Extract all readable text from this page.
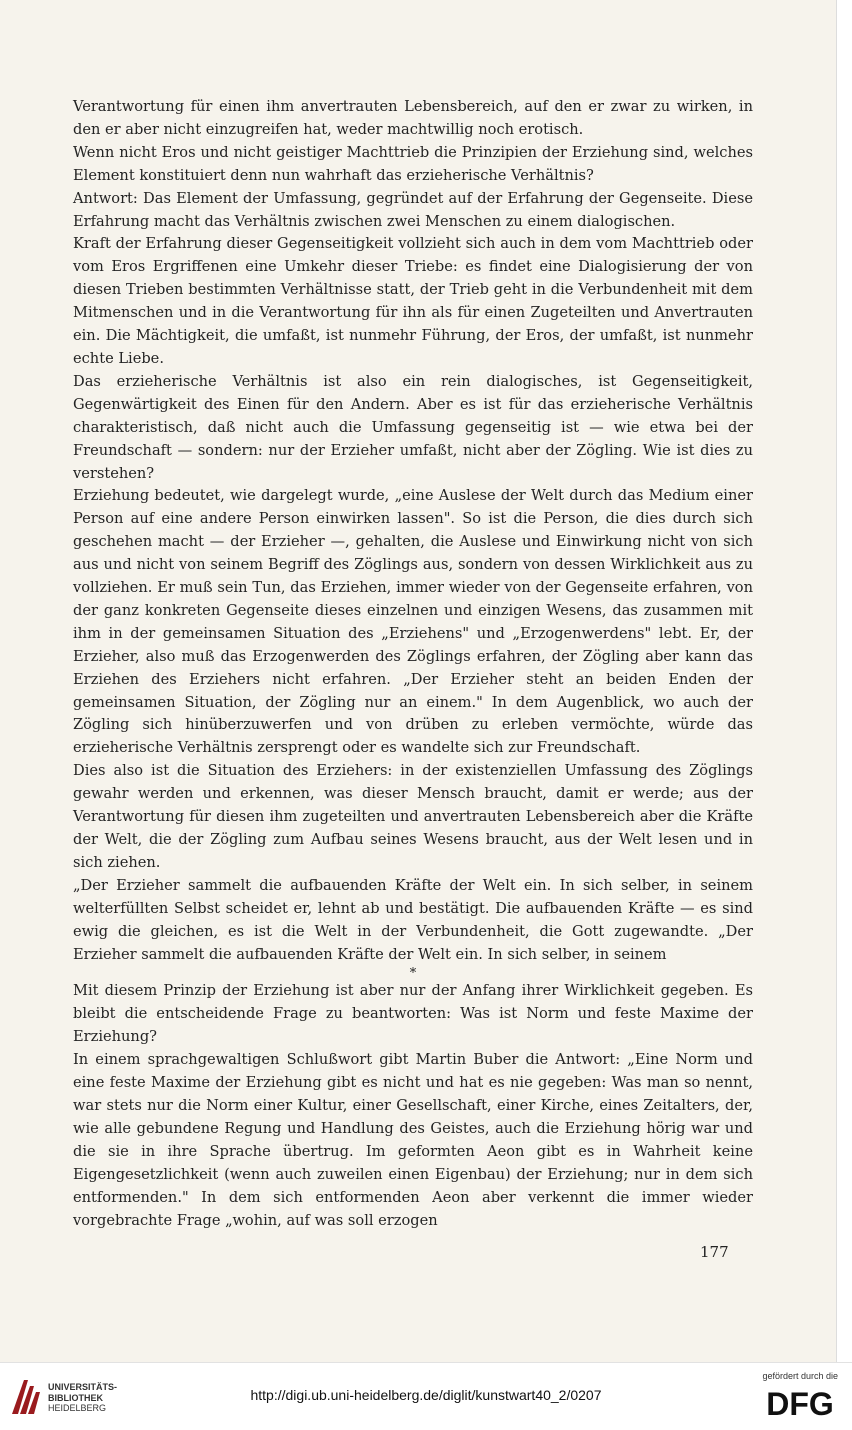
Verantwortung für einen ihm anvertrauten Lebensbereich, auf den er zwar zu wirken, in den er aber nicht einzugreifen hat, weder machtwillig noch erotisch.

Wenn nicht Eros und nicht geistiger Machttrieb die Prinzipien der Erziehung sind, welches Element konstituiert denn nun wahrhaft das erzieherische Verhältnis?

Antwort: Das Element der Umfassung, gegründet auf der Erfahrung der Gegenseite. Diese Erfahrung macht das Verhältnis zwischen zwei Menschen zu einem dialogischen.

Kraft der Erfahrung dieser Gegenseitigkeit vollzieht sich auch in dem vom Machttrieb oder vom Eros Ergriffenen eine Umkehr dieser Triebe: es findet eine Dialogisierung der von diesen Trieben bestimmten Verhältnisse statt, der Trieb geht in die Verbundenheit mit dem Mitmenschen und in die Verantwortung für ihn als für einen Zugeteilten und Anvertrauten ein. Die Mächtigkeit, die umfaßt, ist nunmehr Führung, der Eros, der umfaßt, ist nunmehr echte Liebe.

Das erzieherische Verhältnis ist also ein rein dialogisches, ist Gegenseitigkeit, Gegenwärtigkeit des Einen für den Andern. Aber es ist für das erzieherische Verhältnis charakteristisch, daß nicht auch die Umfassung gegenseitig ist — wie etwa bei der Freundschaft — sondern: nur der Erzieher umfaßt, nicht aber der Zögling. Wie ist dies zu verstehen?

Erziehung bedeutet, wie dargelegt wurde, „eine Auslese der Welt durch das Medium einer Person auf eine andere Person einwirken lassen". So ist die Person, die dies durch sich geschehen macht — der Erzieher —, gehalten, die Auslese und Einwirkung nicht von sich aus und nicht von seinem Begriff des Zöglings aus, sondern von dessen Wirklichkeit aus zu vollziehen. Er muß sein Tun, das Erziehen, immer wieder von der Gegenseite erfahren, von der ganz konkreten Gegenseite dieses einzelnen und einzigen Wesens, das zusammen mit ihm in der gemeinsamen Situation des „Erziehens" und „Erzogenwerdens" lebt. Er, der Erzieher, also muß das Erzogenwerden des Zöglings erfahren, der Zögling aber kann das Erziehen des Erziehers nicht erfahren. „Der Erzieher steht an beiden Enden der gemeinsamen Situation, der Zögling nur an einem." In dem Augenblick, wo auch der Zögling sich hinüberzuwerfen und von drüben zu erleben vermöchte, würde das erzieherische Verhältnis zersprengt oder es wandelte sich zur Freundschaft.

Dies also ist die Situation des Erziehers: in der existenziellen Umfassung des Zöglings gewahr werden und erkennen, was dieser Mensch braucht, damit er werde; aus der Verantwortung für diesen ihm zugeteilten und anvertrauten Lebensbereich aber die Kräfte der Welt, die der Zögling zum Aufbau seines Wesens braucht, aus der Welt lesen und in sich ziehen.

„Der Erzieher sammelt die aufbauenden Kräfte der Welt ein. In sich selber, in seinem welterfüllten Selbst scheidet er, lehnt ab und bestätigt. Die aufbauenden Kräfte — es sind ewig die gleichen, es ist die Welt in der Verbundenheit, die Gott zugewandte. „Der Erzieher sammelt die aufbauenden Kräfte der Welt ein. In sich selber, in seinem

*

Mit diesem Prinzip der Erziehung ist aber nur der Anfang ihrer Wirklichkeit gegeben. Es bleibt die entscheidende Frage zu beantworten: Was ist Norm und feste Maxime der Erziehung?

In einem sprachgewaltigen Schlußwort gibt Martin Buber die Antwort: „Eine Norm und eine feste Maxime der Erziehung gibt es nicht und hat es nie gegeben: Was man so nennt, war stets nur die Norm einer Kultur, einer Gesellschaft, einer Kirche, eines Zeitalters, der, wie alle gebundene Regung und Handlung des Geistes, auch die Erziehung hörig war und die sie in ihre Sprache übertrug. Im geformten Aeon gibt es in Wahrheit keine Eigengesetzlichkeit (wenn auch zuweilen einen Eigenbau) der Erziehung; nur in dem sich entformenden." In dem sich entformenden Aeon aber verkennt die immer wieder vorgebrachte Frage „wohin, auf was soll erzogen

177
UNIVERSITÄTS-
BIBLIOTHEK
HEIDELBERG
http://digi.ub.uni-heidelberg.de/diglit/kunstwart40_2/0207
gefördert durch die
DFG
